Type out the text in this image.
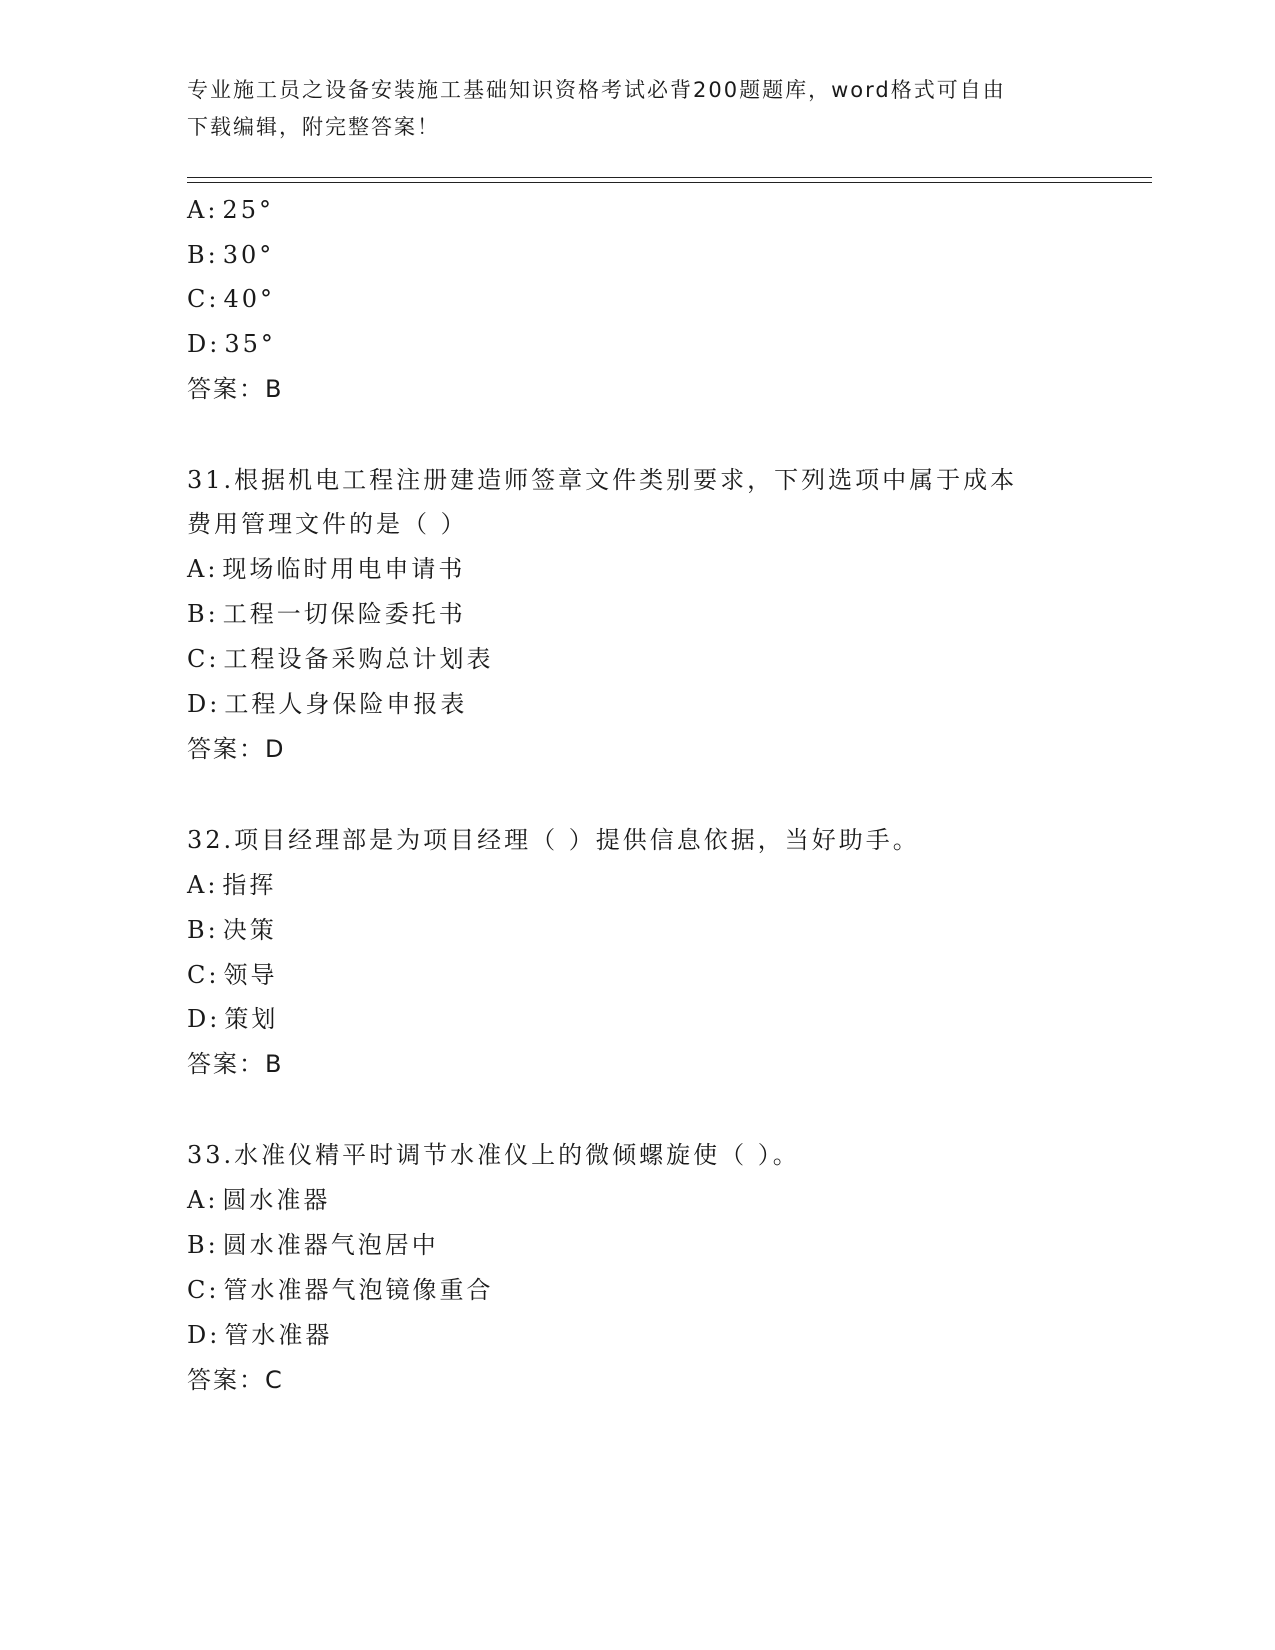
专业施工员之设备安装施工基础知识资格考试必背200题题库，word格式可自由
下载编辑，附完整答案！
A: 25°
B: 30°
C: 40°
D: 35°
答案：B
31.根据机电工程注册建造师签章文件类别要求，下列选项中属于成本
费用管理文件的是（ ）
A: 现场临时用电申请书
B: 工程一切保险委托书
C: 工程设备采购总计划表
D: 工程人身保险申报表
答案：D
32.项目经理部是为项目经理（ ）提供信息依据，当好助手。
A: 指挥
B: 决策
C: 领导
D: 策划
答案：B
33.水准仪精平时调节水准仪上的微倾螺旋使（ ）。
A: 圆水准器
B: 圆水准器气泡居中
C: 管水准器气泡镜像重合
D: 管水准器
答案：C
